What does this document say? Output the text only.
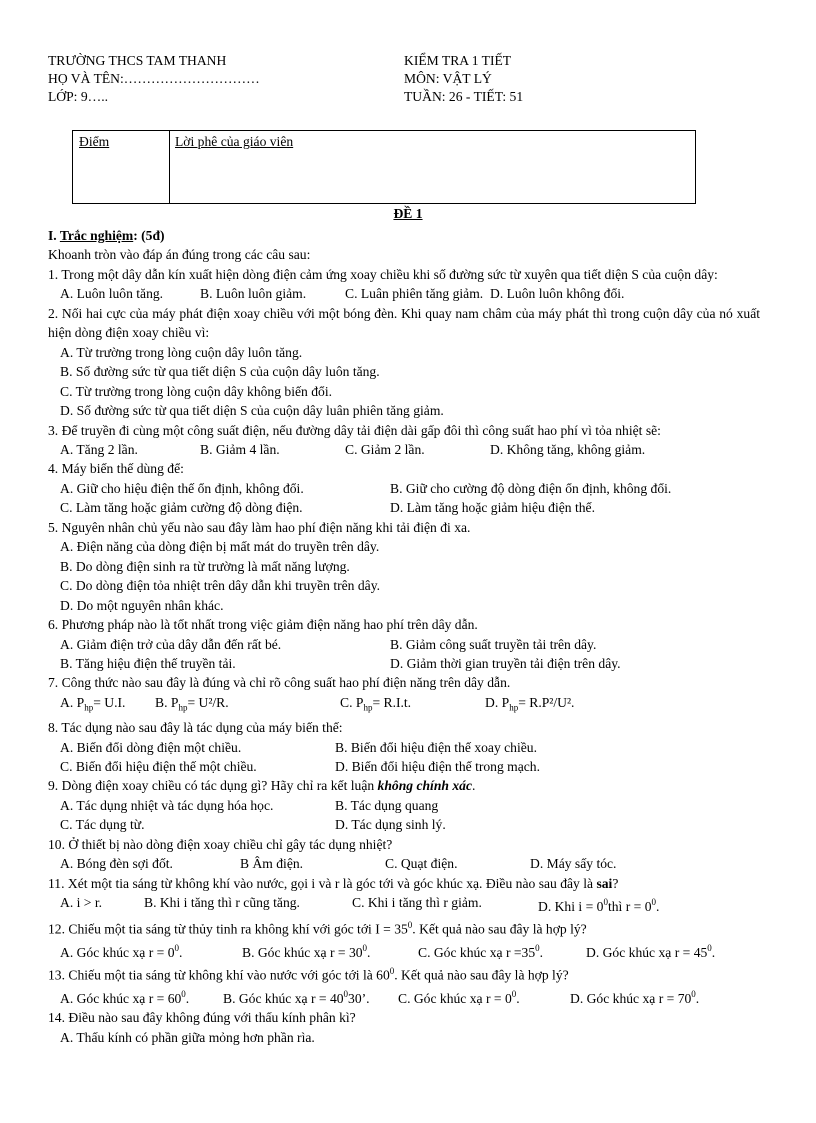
TRƯỜNG THCS TAM THANH
HỌ VÀ TÊN:…………………………
LỚP: 9…..
KIỂM TRA 1 TIẾT
MÔN: VẬT LÝ
TUẦN: 26 - TIẾT: 51
Điểm	Lời phê của giáo viên
ĐỀ 1

I. Trắc nghiệm: (5đ)

Khoanh tròn vào đáp án đúng trong các câu sau:

1. Trong một dây dẫn kín xuất hiện dòng điện cảm ứng xoay chiều khi số đường sức từ xuyên qua tiết diện S của cuộn dây:

A. Luôn luôn tăng.	B. Luôn luôn giảm.	C. Luân phiên tăng giảm. D. Luôn luôn không đổi.

2. Nối hai cực của máy phát điện xoay chiều với một bóng đèn. Khi quay nam châm của máy phát thì trong cuộn dây của nó xuất hiện dòng điện xoay chiều vì:

A. Từ trường trong lòng cuộn dây luôn tăng.

B. Số đường sức từ qua tiết diện S của cuộn dây luôn tăng.

C. Từ trường trong lòng cuộn dây không biến đổi.

D. Số đường sức từ qua tiết diện S của cuộn dây luân phiên tăng giảm.

3. Để truyền đi cùng một công suất điện, nếu đường dây tải điện dài gấp đôi thì công suất hao phí vì tỏa nhiệt sẽ:

A. Tăng 2 lần.	B. Giảm 4 lần.	C. Giảm 2 lần.	D. Không tăng, không giảm.

4. Máy biến thế dùng để:

A. Giữ cho hiệu điện thế ổn định, không đổi.	B. Giữ cho cường độ dòng điện ổn định, không đổi.

C. Làm tăng hoặc giảm cường độ dòng điện.	D. Làm tăng hoặc giảm hiệu điện thế.

5. Nguyên nhân chủ yếu nào sau đây làm hao phí điện năng khi tải điện đi xa.

A. Điện năng của dòng điện bị mất mát do truyền trên dây.

B. Do dòng điện sinh ra từ trường là mất năng lượng.

C. Do dòng điện tỏa nhiệt trên dây dẫn khi truyền trên dây.

D. Do một nguyên nhân khác.

6. Phương pháp nào là tốt nhất trong việc giảm điện năng hao phí trên dây dẫn.

A. Giảm điện trở của dây dẫn đến rất bé.	B. Giảm công suất truyền tải trên dây.

B. Tăng hiệu điện thế truyền tải.	D. Giảm thời gian truyền tải điện trên dây.

7. Công thức nào sau đây là đúng và chỉ rõ công suất hao phí điện năng trên dây dẫn.

A. $P_{hp}= U.I$.	B. $P_{hp}= U^2/R$.	C. $P_{hp}= R.I.t$.	D. $P_{hp}= R.P^2/U^2$.

8. Tác dụng nào sau đây là tác dụng của máy biến thế:

A. Biến đổi dòng điện một chiều.	B. Biến đổi hiệu điện thế xoay chiều.

C. Biến đổi hiệu điện thế một chiều.	D. Biến đổi hiệu điện thế trong mạch.

9. Dòng điện xoay chiều có tác dụng gì? Hãy chỉ ra kết luận không chính xác.

A. Tác dụng nhiệt và tác dụng hóa học.	B. Tác dụng quang

C. Tác dụng từ.	D. Tác dụng sinh lý.

10. Ở thiết bị nào dòng điện xoay chiều chỉ gây tác dụng nhiệt?

A. Bóng đèn sợi đốt.	B Âm điện.	C. Quạt điện.	D. Máy sấy tóc.

11. Xét một tia sáng từ không khí vào nước, gọi i và r là góc tới và góc khúc xạ. Điều nào sau đây là sai?

A. i > r.	B. Khi i tăng thì r cũng tăng.	C. Khi i tăng thì r giảm.	D. Khi $i = 0^0thì$ $r = 0^0$.

12. Chiếu một tia sáng từ thủy tinh ra không khí với góc tới $I = 35^0$. Kết quả nào sau đây là hợp lý?

A. Góc khúc xạ $r = 0^0$.	B. Góc khúc xạ $r = 30^0$.	C. Góc khúc xạ $r =35^0$.	D. Góc khúc xạ $r = 45^0$.

13. Chiếu một tia sáng từ không khí vào nước với góc tới là $60^0$. Kết quả nào sau đây là hợp lý?

A. Góc khúc xạ $r = 60^0$.	B. Góc khúc xạ $r = 40^030$’.	C. Góc khúc xạ $r = 0^0$.	D. Góc khúc xạ $r = 70^0$.

14. Điều nào sau đây không đúng với thấu kính phân kì?

A. Thấu kính có phần giữa mỏng hơn phần rìa.
